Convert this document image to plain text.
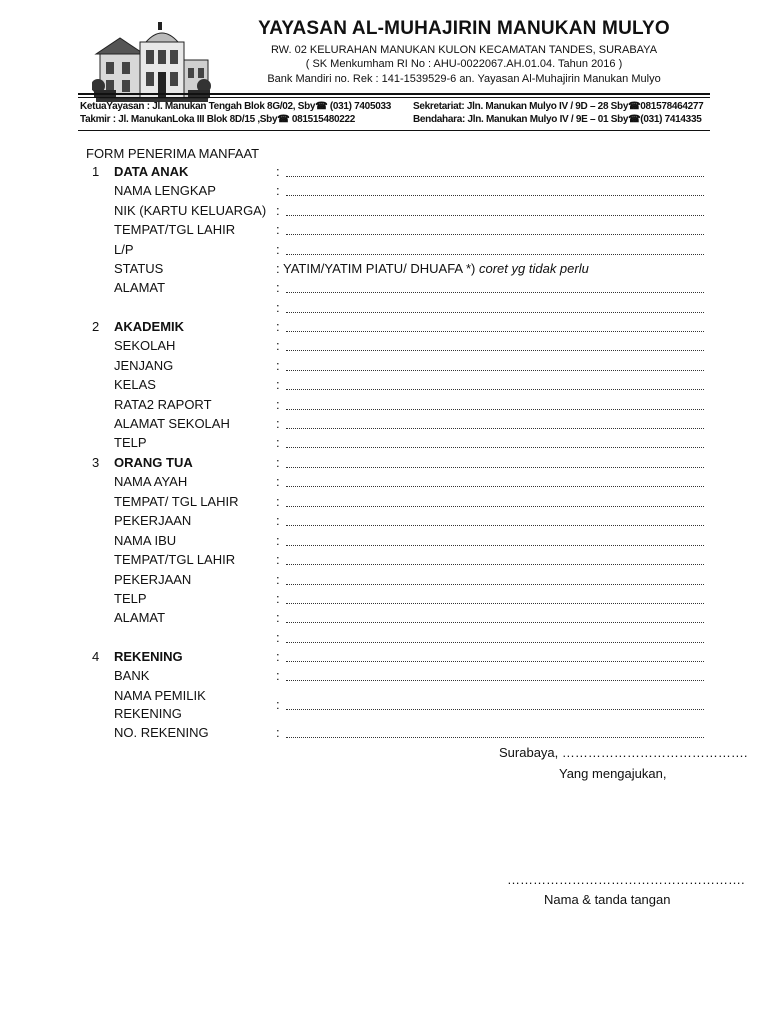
YAYASAN AL-MUHAJIRIN MANUKAN MULYO
RW. 02 KELURAHAN MANUKAN KULON KECAMATAN TANDES, SURABAYA
( SK Menkumham RI No : AHU-0022067.AH.01.04. Tahun 2016 )
Bank Mandiri no. Rek : 141-1539529-6 an. Yayasan Al-Muhajirin Manukan Mulyo
KetuaYayasan : Jl. Manukan Tengah Blok 8G/02, Sby☎ (031) 7405033
Takmir : Jl. ManukanLoka III Blok 8D/15 ,Sby☎ 081515480222
Sekretariat: Jln. Manukan Mulyo IV / 9D – 28 Sby☎081578464277
Bendahara: Jln. Manukan Mulyo IV / 9E – 01 Sby☎(031) 7414335
FORM PENERIMA MANFAAT
1 DATA ANAK	:
NAMA LENGKAP	:
NIK (KARTU KELUARGA) :
TEMPAT/TGL LAHIR	:
L/P	:
STATUS	: YATIM/YATIM PIATU/ DHUAFA *) coret yg tidak perlu
ALAMAT	:
:
2 AKADEMIK	:
SEKOLAH	:
JENJANG	:
KELAS	:
RATA2 RAPORT	:
ALAMAT SEKOLAH	:
TELP	:
3 ORANG TUA	:
NAMA AYAH	:
TEMPAT/ TGL LAHIR	:
PEKERJAAN	:
NAMA IBU	:
TEMPAT/TGL LAHIR	:
PEKERJAAN	:
TELP	:
ALAMAT	:
:
4 REKENING	:
BANK	:
NAMA PEMILIK
REKENING
:
NO. REKENING	:
Surabaya, …………………………………….
Yang mengajukan,
……………………………………………….
Nama & tanda tangan
